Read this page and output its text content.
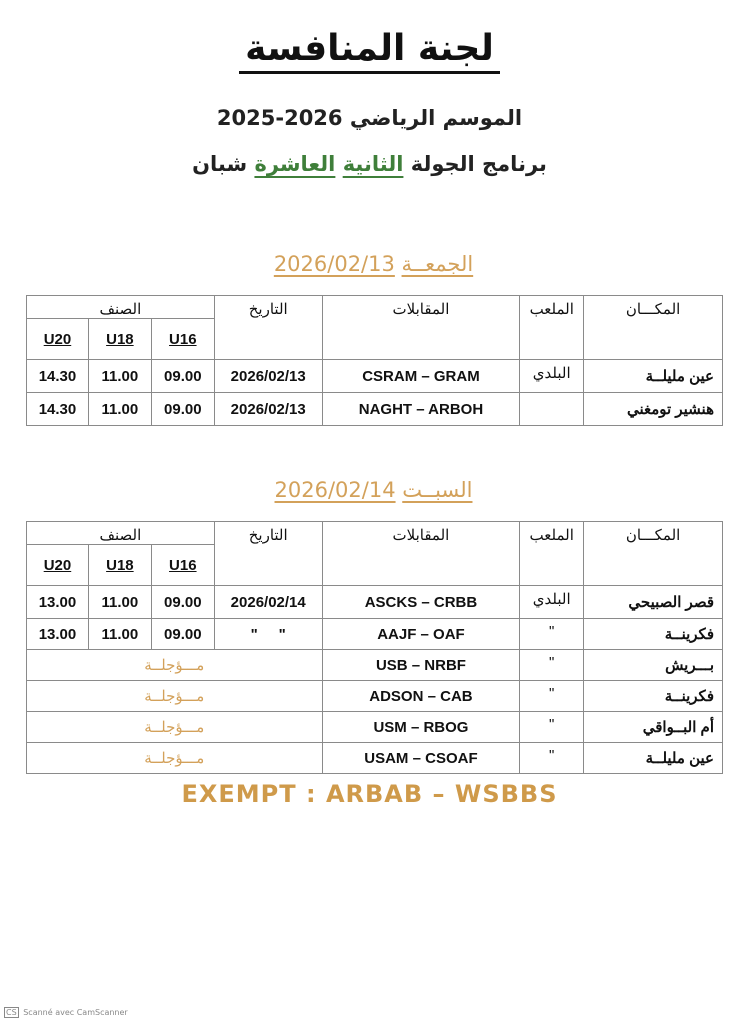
لجنة المنافسة
الموسم الرياضي 2025-2026
برنامج الجولة الثانية العاشرة شبان
الجمعــة 2026/02/13
الصنف			التاريخ	المقابلات	الملعب	المكـــان
U20	U18	U16				
14.30	11.00	09.00	2026/02/13	CSRAM – GRAM	البلدي	عين مليلــة
14.30	11.00	09.00	2026/02/13	NAGHT – ARBOH		هنشير تومغني
السبــت 2026/02/14
الصنف			التاريخ	المقابلات	الملعب	المكـــان
U20	U18	U16				
13.00	11.00	09.00	2026/02/14	ASCKS – CRBB	البلدي	قصر الصبيحي
13.00	11.00	09.00	"     "	AAJF – OAF	"	فكرينــة
مـــؤجلــة				USB – NRBF	"	بـــريش
مـــؤجلــة				ADSON – CAB	"	فكرينــة
مـــؤجلــة				USM – RBOG	"	أم البــواقي
مـــؤجلــة				USAM – CSOAF	"	عين مليلــة
EXEMPT : ARBAB – WSBBS
CS Scanné avec CamScanner
